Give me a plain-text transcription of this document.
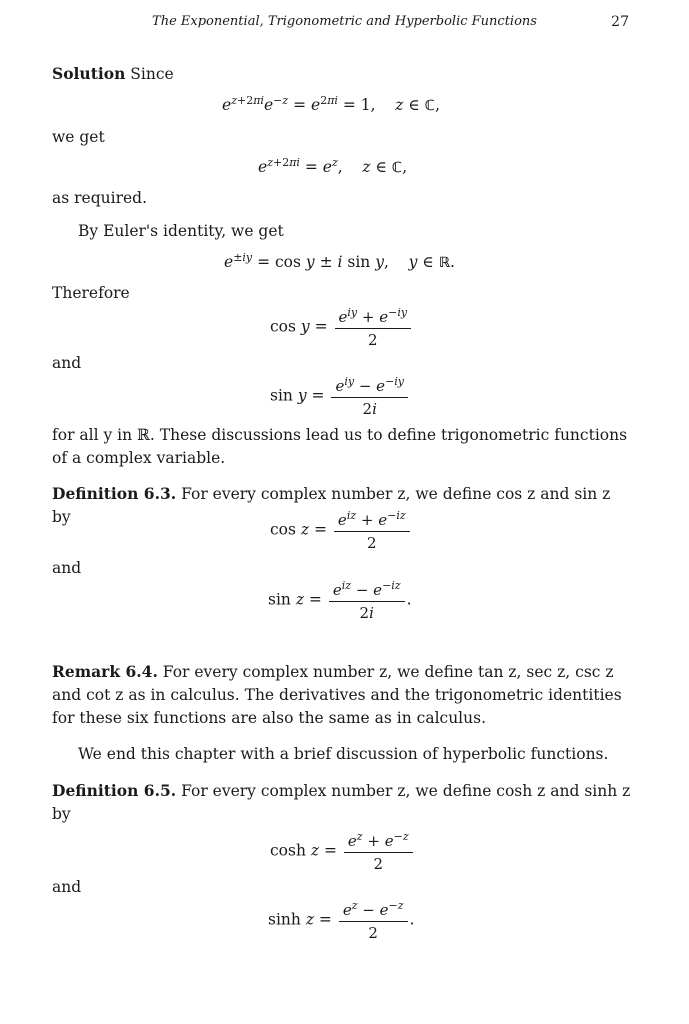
The Exponential, Trigonometric and Hyperbolic Functions	27
Solution Since
$e^{z+2\pi i}e^{-z} = e^{2\pi i} = 1$,    z ∈ ℂ,
we get
$e^{z+2\pi i} = e^z$,    z ∈ ℂ,
as required.
By Euler's identity, we get
$e^{\pm iy} = \cos y \pm i$ sin y,    y ∈ ℝ.
Therefore
$\cos y = \frac{e^{iy} + e^{-iy}}{2}$
and
$\sin y = \frac{e^{iy} - e^{-iy}}{2i}$
for all y in ℝ. These discussions lead us to define trigonometric functions of a complex variable.
Definition 6.3. For every complex number z, we define cos z and sin z by
$\cos z = \frac{e^{iz} + e^{-iz}}{2}$
and
$\sin z = \frac{e^{iz} - e^{-iz}}{2i}$ .
Remark 6.4. For every complex number z, we define tan z, sec z, csc z and cot z as in calculus. The derivatives and the trigonometric identities for these six functions are also the same as in calculus.
We end this chapter with a brief discussion of hyperbolic functions.
Definition 6.5. For every complex number z, we define cosh z and sinh z by
$\cosh z = \frac{e^z + e^{-z}}{2}$
and
$\sinh z = \frac{e^z - e^{-z}}{2}$ .
